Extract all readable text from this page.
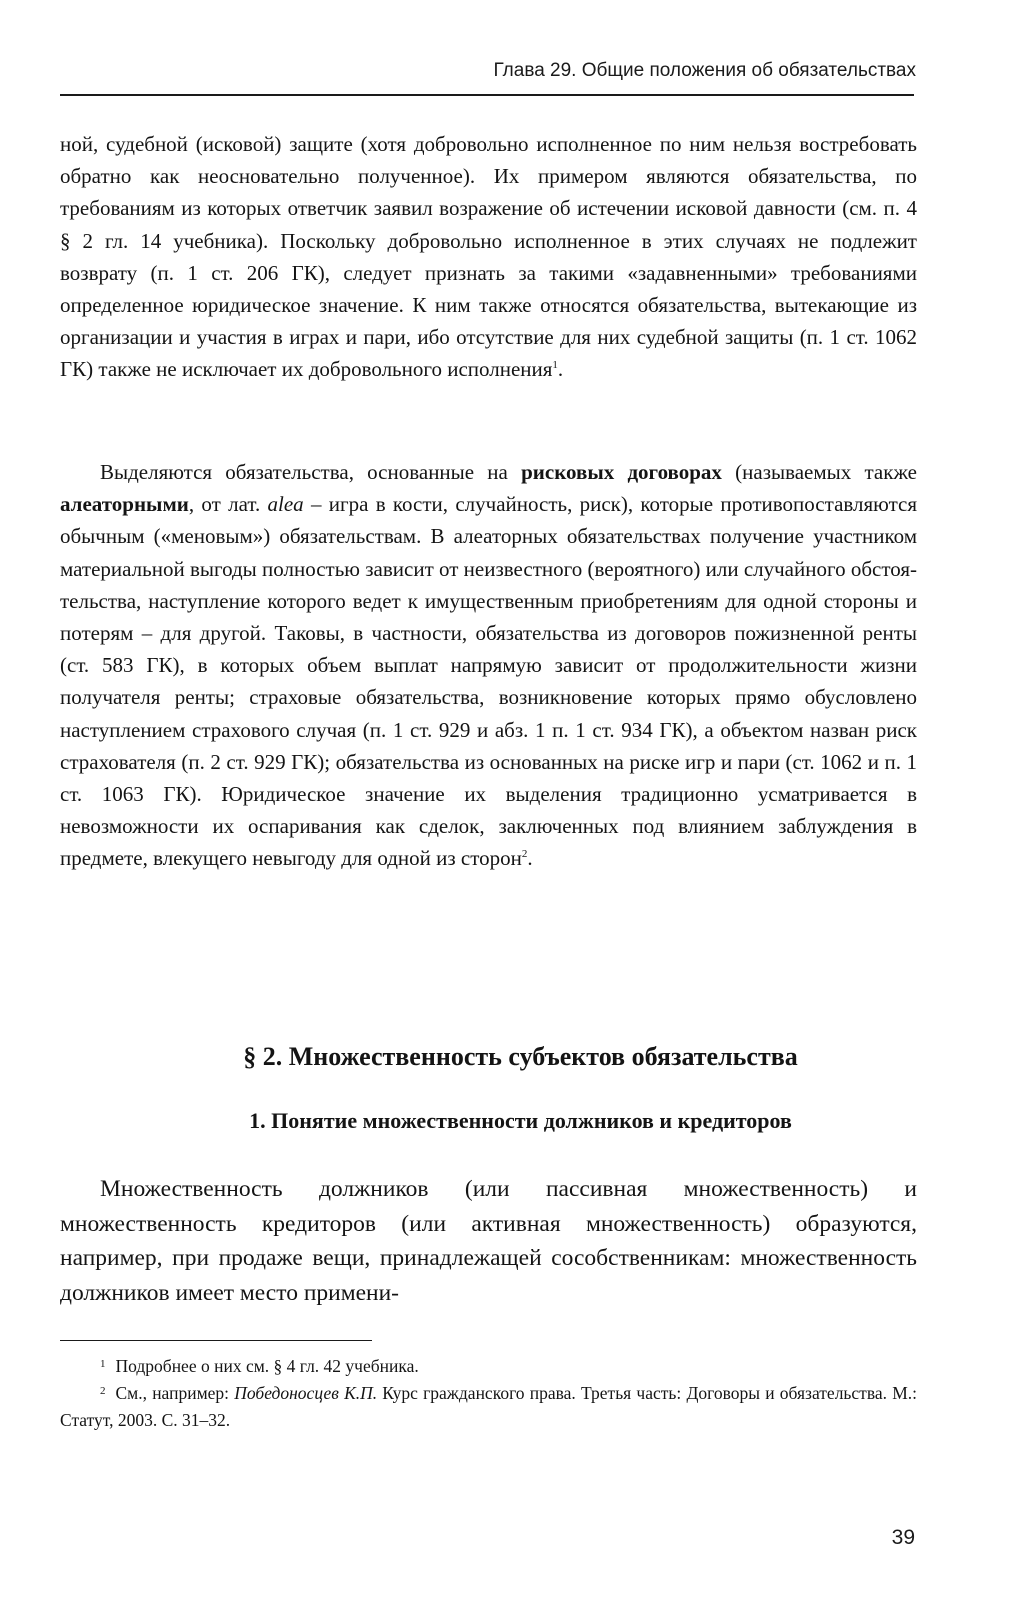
Глава 29. Общие положения об обязательствах

ной, судебной (исковой) защите (хотя добровольно исполненное по ним нельзя востребовать обратно как неосновательно полученное). Их примером являются обязательства, по требованиям из которых ответчик заявил возражение об истечении исковой давности (см. п. 4 § 2 гл. 14 учебника). Поскольку добровольно исполненное в этих случаях не подлежит возврату (п. 1 ст. 206 ГК), следует признать за такими «задавненными» требованиями определенное юридическое значение. К ним также относятся обязательства, вытекающие из организации и участия в играх и пари, ибо отсутствие для них судебной защиты (п. 1 ст. 1062 ГК) также не исключает их добровольного исполнения$^1$.

Выделяются обязательства, основанные на рисковых договорах (называемых также алеаторными, от лат. alea – игра в кости, случайность, риск), которые противопоставляются обычным («меновым») обязательствам. В алеаторных обязательствах получение участником материальной выгоды полностью зависит от неизвестного (вероятного) или случайного обстоятельства, наступление которого ведет к имущественным приобретениям для одной стороны и потерям – для другой. Таковы, в частности, обязательства из договоров пожизненной ренты (ст. 583 ГК), в которых объем выплат напрямую зависит от продолжительности жизни получателя ренты; страховые обязательства, возникновение которых прямо обусловлено наступлением страхового случая (п. 1 ст. 929 и абз. 1 п. 1 ст. 934 ГК), а объектом назван риск страхователя (п. 2 ст. 929 ГК); обязательства из основанных на риске игр и пари (ст. 1062 и п. 1 ст. 1063 ГК). Юридическое значение их выделения традиционно усматривается в невозможности их оспаривания как сделок, заключенных под влиянием заблуждения в предмете, влекущего невыгоду для одной из сторон$^2$.

§ 2. Множественность субъектов обязательства
1. Понятие множественности должников и кредиторов

Множественность должников (или пассивная множественность) и множественность кредиторов (или активная множественность) образуются, например, при продаже вещи, принадлежащей сособственникам: множественность должников имеет место примени-

$^1$ Подробнее о них см. § 4 гл. 42 учебника.

$^2$ См., например: Победоносцев К.П. Курс гражданского права. Третья часть: Договоры и обязательства. М.: Статут, 2003. С. 31–32.

39
